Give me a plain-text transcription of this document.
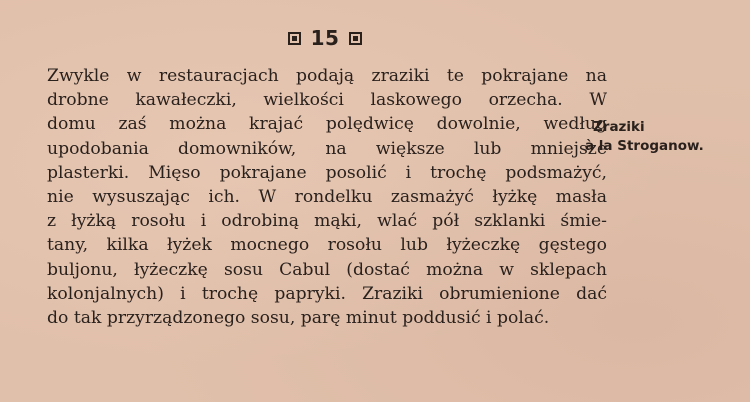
15
Zwykle w restauracjach podają zraziki te pokrajane na
drobne kawałeczki, wielkości laskowego orzecha. W
domu zaś można krajać polędwicę dowolnie, według
upodobania domowników, na większe lub mniejsze
plasterki. Mięso pokrajane posolić i trochę podsmażyć,
nie wysuszając ich. W rondelku zasmażyć łyżkę masła
z łyżką rosołu i odrobiną mąki, wlać pół szklanki śmie-
tany, kilka łyżek mocnego rosołu lub łyżeczkę gęstego
buljonu, łyżeczkę sosu Cabul (dostać można w sklepach
kolonjalnych) i trochę papryki. Zraziki obrumienione dać
do tak przyrządzonego sosu, parę minut poddusić i polać.
Zraziki
à la Stroganow.
